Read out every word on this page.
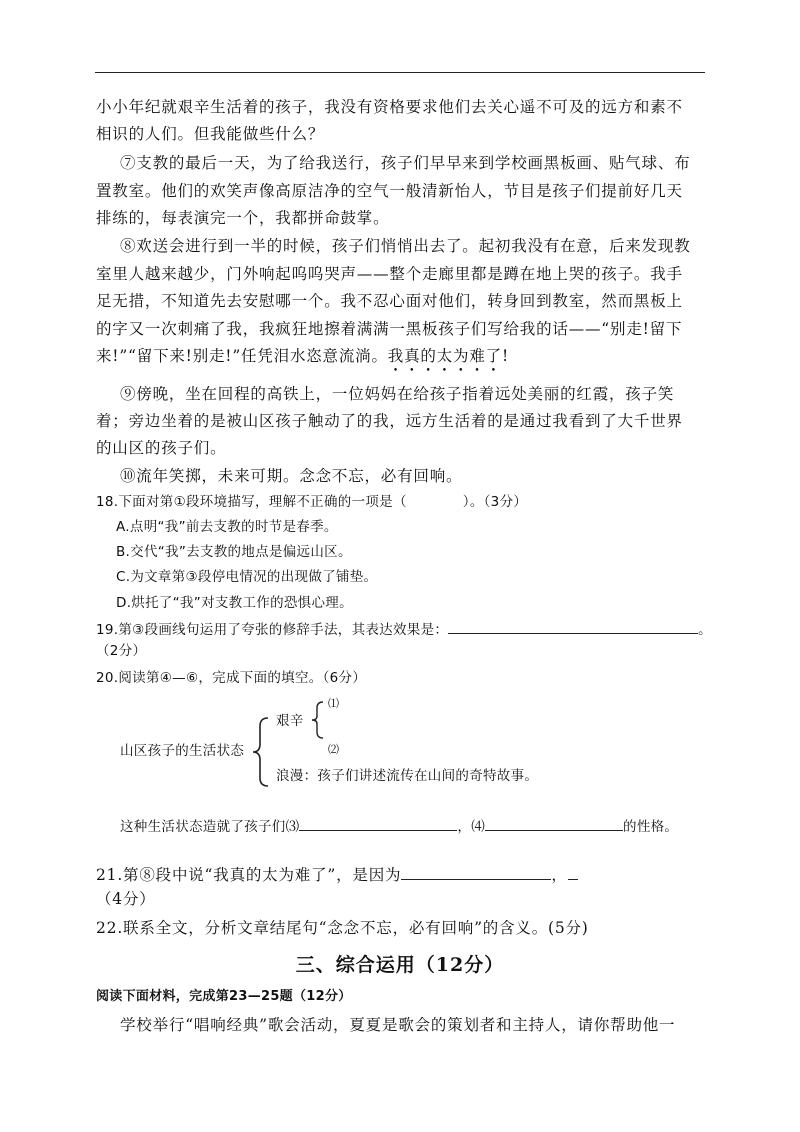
小小年纪就艰辛生活着的孩子，我没有资格要求他们去关心遥不可及的远方和素不
相识的人们。但我能做些什么？
⑦支教的最后一天，为了给我送行，孩子们早早来到学校画黑板画、贴气球、布
置教室。他们的欢笑声像高原洁净的空气一般清新怡人，节目是孩子们提前好几天
排练的，每表演完一个，我都拼命鼓掌。
⑧欢送会进行到一半的时候，孩子们悄悄出去了。起初我没有在意，后来发现教
室里人越来越少，门外响起呜呜哭声——整个走廊里都是蹲在地上哭的孩子。我手
足无措，不知道先去安慰哪一个。我不忍心面对他们，转身回到教室，然而黑板上
的字又一次刺痛了我，我疯狂地擦着满满一黑板孩子们写给我的话——“别走!留下
来!”“留下来!别走!”任凭泪水恣意流淌。我真的太为难了!
⑨傍晚，坐在回程的高铁上，一位妈妈在给孩子指着远处美丽的红霞，孩子笑
着；旁边坐着的是被山区孩子触动了的我，远方生活着的是通过我看到了大千世界
的山区的孩子们。
⑩流年笑掷，未来可期。念念不忘，必有回响。
18.下面对第①段环境描写，理解不正确的一项是（	）。（3分）
A.点明“我”前去支教的时节是春季。
B.交代“我”去支教的地点是偏远山区。
C.为文章第③段停电情况的出现做了铺垫。
D.烘托了“我”对支教工作的恐惧心理。
19.第③段画线句运用了夸张的修辞手法，其表达效果是：	。
（2分）
20.阅读第④—⑥，完成下面的填空。（6分）
山区孩子的生活状态
艰辛
⑴
⑵
浪漫：孩子们讲述流传在山间的奇特故事。
这种生活状态造就了孩子们⑶	，⑷	的性格。
21.第⑧段中说“我真的太为难了”，是因为	，
（4分）
22.联系全文，分析文章结尾句“念念不忘，必有回响”的含义。(5分)
三、综合运用（12分）
阅读下面材料，完成第23—25题（12分）
学校举行“唱响经典”歌会活动，夏夏是歌会的策划者和主持人，请你帮助他一
